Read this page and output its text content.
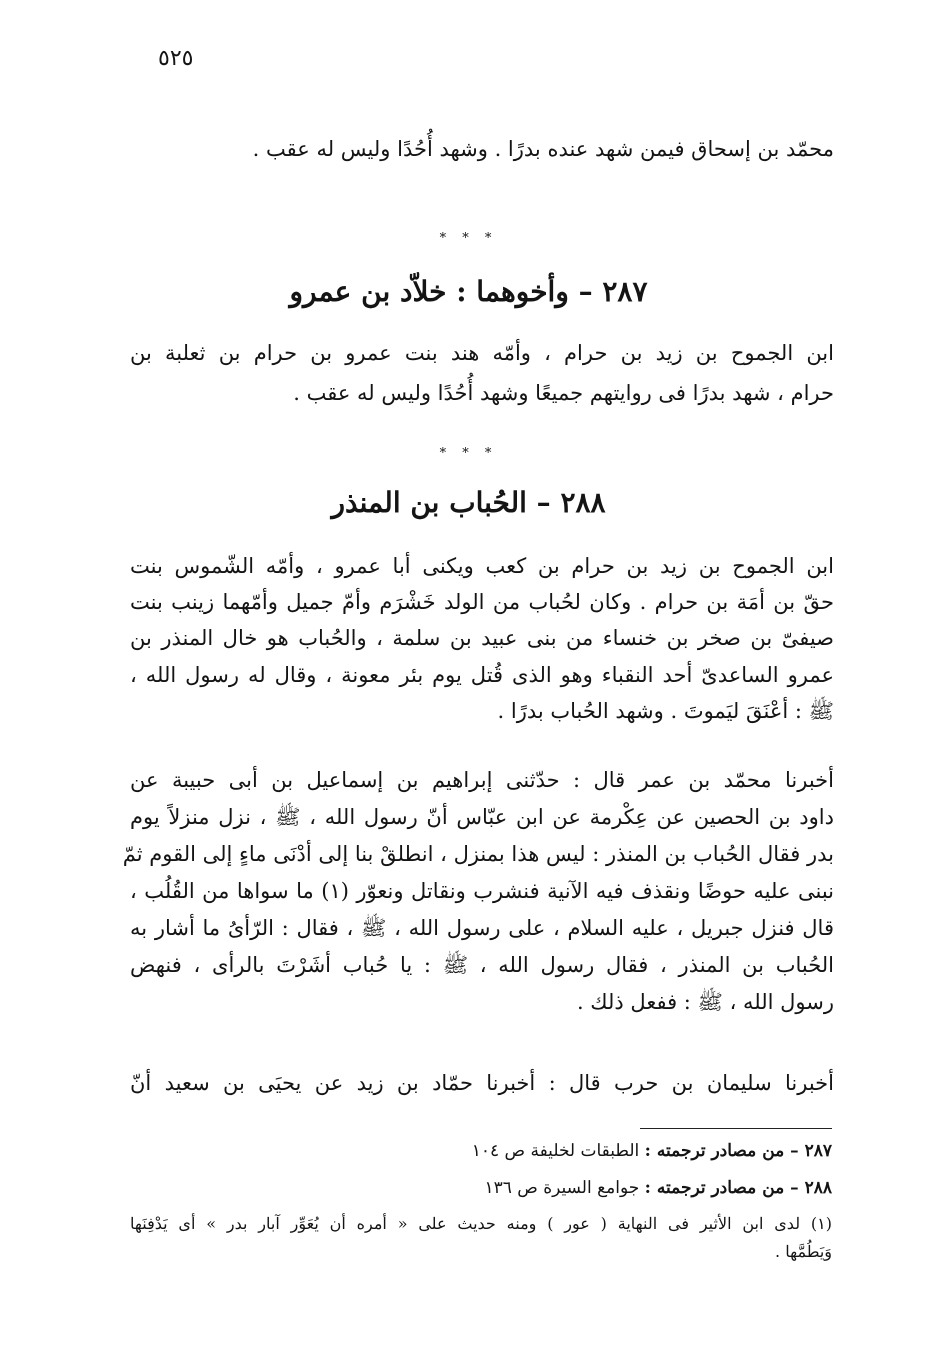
٥٢٥
محمّد بن إسحاق فيمن شهد عنده بدرًا . وشهد أُحُدًا وليس له عقب .
* * *
٢٨٧ – وأخوهما : خلاّد بن عمرو
ابن الجموح بن زيد بن حرام ، وأمّه هند بنت عمرو بن حرام بن ثعلبة بن
حرام ، شهد بدرًا فى روايتهم جميعًا وشهد أُحُدًا وليس له عقب .
* * *
٢٨٨ – الحُباب بن المنذر
ابن الجموح بن زيد بن حرام بن كعب ويكنى أبا عمرو ، وأمّه الشّموس بنت
حقّ بن أمَة بن حرام . وكان لحُباب من الولد خَشْرَم وأمّ جميل وأمّهما زينب بنت
صيفىّ بن صخر بن خنساء من بنى عبيد بن سلمة ، والحُباب هو خال المنذر بن
عمرو الساعدىّ أحد النقباء وهو الذى قُتل يوم بئر معونة ، وقال له رسول الله ،
ﷺ : أعْنَقَ ليَموتَ . وشهد الحُباب بدرًا .
أخبرنا محمّد بن عمر قال : حدّثنى إبراهيم بن إسماعيل بن أبى حبيبة عن
داود بن الحصين عن عِكْرمة عن ابن عبّاس أنّ رسول الله ، ﷺ ، نزل منزلاً يوم
بدر فقال الحُباب بن المنذر : ليس هذا بمنزل ، انطلقْ بنا إلى أدْنَى ماءٍ إلى القوم ثمّ
نبنى عليه حوضًا ونقذف فيه الآنية فنشرب ونقاتل ونعوّر (١) ما سواها من القُلُب ،
قال فنزل جبريل ، عليه السلام ، على رسول الله ، ﷺ ، فقال : الرّأىُ ما أشار به
الحُباب بن المنذر ، فقال رسول الله ، ﷺ : يا حُباب أشَرْتَ بالرأى ، فنهض
رسول الله ، ﷺ : ففعل ذلك .
أخبرنا سليمان بن حرب قال : أخبرنا حمّاد بن زيد عن يحيَى بن سعيد أنّ
٢٨٧ – من مصادر ترجمته : الطبقات لخليفة ص ١٠٤
٢٨٨ – من مصادر ترجمته : جوامع السيرة ص ١٣٦
(١) لدى ابن الأثير فى النهاية ( عور ) ومنه حديث على « أمره أن يُعَوِّر آبار بدر » أى يَدْفِنَها
وَيَطُمَّها .
